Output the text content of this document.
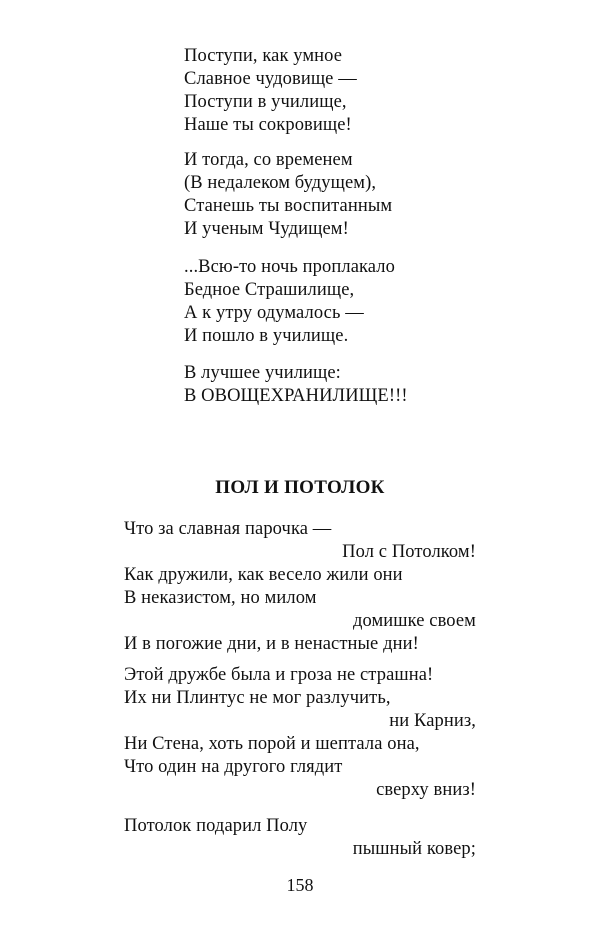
Поступи, как умное
Славное чудовище —
Поступи в училище,
Наше ты сокровище!
И тогда, со временем
(В недалеком будущем),
Станешь ты воспитанным
И ученым Чудищем!
...Всю-то ночь проплакало
Бедное Страшилище,
А к утру одумалось —
И пошло в училище.
В лучшее училище:
В ОВОЩЕХРАНИЛИЩЕ!!!
ПОЛ И ПОТОЛОК
Что за славная парочка —
Пол с Потолком!
Как дружили, как весело жили они
В неказистом, но милом
домишке своем
И в погожие дни, и в ненастные дни!
Этой дружбе была и гроза не страшна!
Их ни Плинтус не мог разлучить,
ни Карниз,
Ни Стена, хоть порой и шептала она,
Что один на другого глядит
сверху вниз!
Потолок подарил Полу
пышный ковер;
158
